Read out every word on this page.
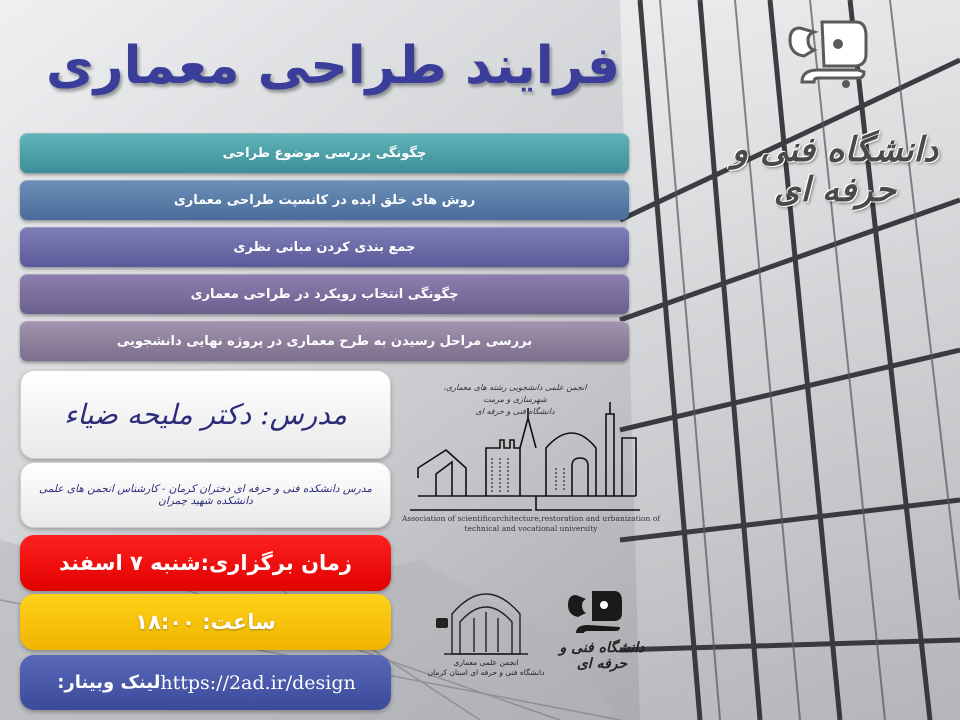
فرایند طراحی معماری
چگونگی بررسی موضوع طراحی
روش های خلق ایده در کانسپت طراحی معماری
جمع بندی کردن مبانی نظری
چگونگی انتخاب رویکرد در طراحی معماری
بررسی مراحل رسیدن به طرح معماری در پروژه نهایی دانشجویی
مدرس: دکتر ملیحه ضیاء
مدرس دانشکده فنی و حرفه ای دختران کرمان - کارشناس انجمن های علمی دانشکده شهید چمران
زمان برگزاری:شنبه ۷ اسفند
ساعت: ۱۸:۰۰
https://2ad.ir/design
لینک وبینار:
دانشگاه فنی و حرفه ای
انجمن علمی دانشجویی رشته های معماری، شهرسازی و مرمت
دانشگاه فنی و حرفه ای
Association of scientificarchitecture,restoration and urbanization of technical and vocational university
انجمن علمی معماری
دانشگاه فنی و حرفه ای استان کرمان
دانشگاه فنی و حرفه ای
